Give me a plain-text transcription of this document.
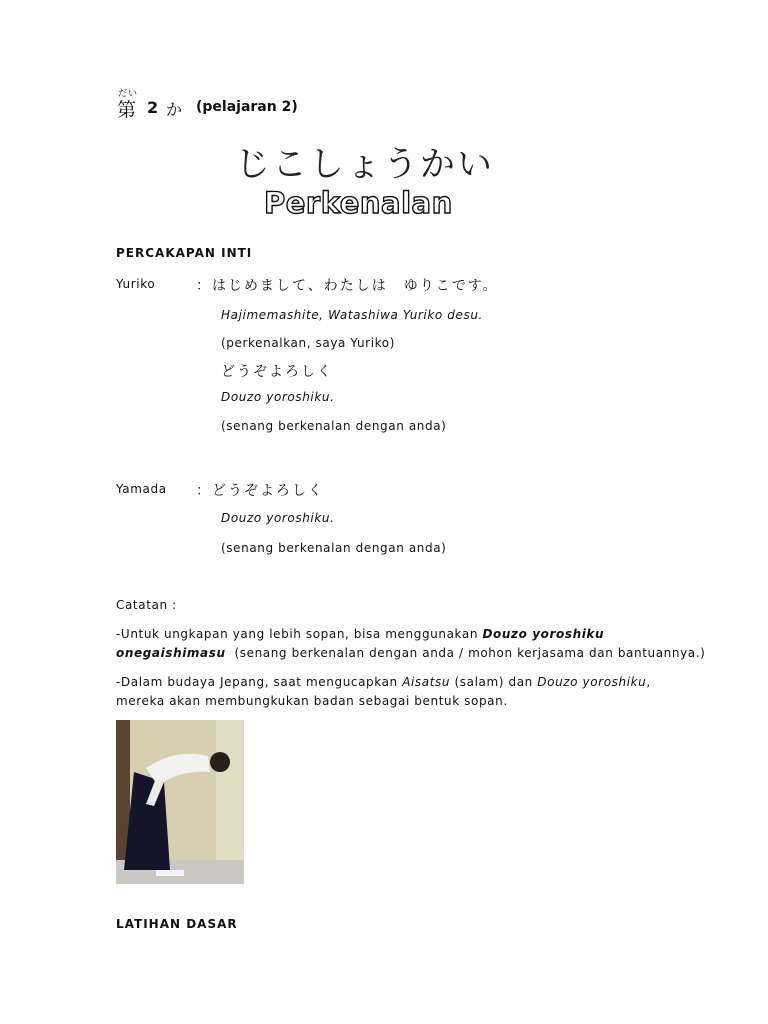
だい
第 2 か (pelajaran 2)
じこしょうかい
Perkenalan
PERCAKAPAN INTI
Yuriko	：はじめまして、わたしは　ゆりこです。
Hajimemashite, Watashiwa Yuriko desu.
(perkenalkan, saya Yuriko)
どうぞよろしく
Douzo yoroshiku.
(senang berkenalan dengan anda)
Yamada ：どうぞよろしく
Douzo yoroshiku.
(senang berkenalan dengan anda)
Catatan :
-Untuk ungkapan yang lebih sopan, bisa menggunakan Douzo yoroshiku
onegaishimasu  (senang berkenalan dengan anda / mohon kerjasama dan bantuannya.)
-Dalam budaya Jepang, saat mengucapkan Aisatsu (salam) dan Douzo yoroshiku,
mereka akan membungkukan badan sebagai bentuk sopan.
LATIHAN DASAR
